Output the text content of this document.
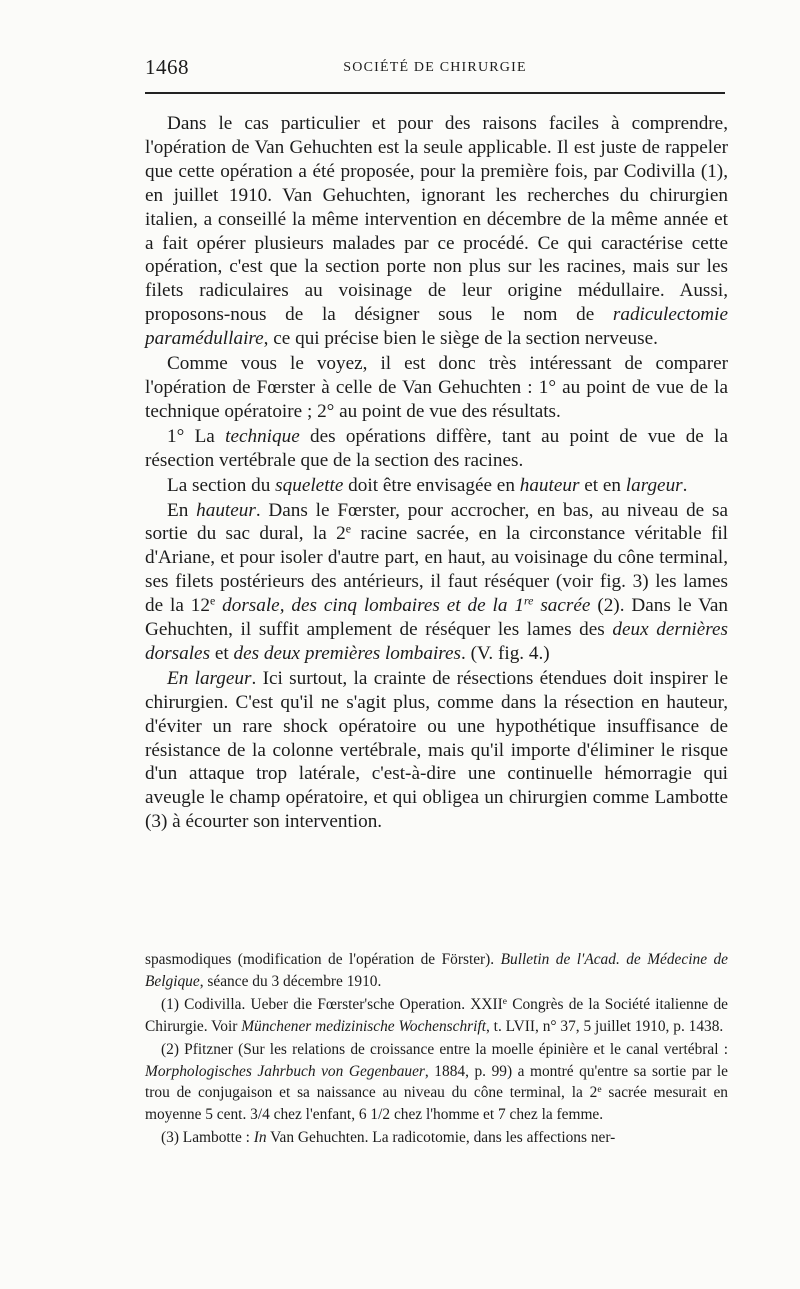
1468	SOCIÉTÉ DE CHIRURGIE

Dans le cas particulier et pour des raisons faciles à comprendre, l'opération de Van Gehuchten est la seule applicable. Il est juste de rappeler que cette opération a été proposée, pour la première fois, par Codivilla (1), en juillet 1910. Van Gehuchten, ignorant les recherches du chirurgien italien, a conseillé la même intervention en décembre de la même année et a fait opérer plusieurs malades par ce procédé. Ce qui caractérise cette opération, c'est que la section porte non plus sur les racines, mais sur les filets radiculaires au voisinage de leur origine médullaire. Aussi, proposons-nous de la désigner sous le nom de radiculectomie paramédullaire, ce qui précise bien le siège de la section nerveuse.

Comme vous le voyez, il est donc très intéressant de comparer l'opération de Fœrster à celle de Van Gehuchten : 1° au point de vue de la technique opératoire ; 2° au point de vue des résultats.

1° La technique des opérations diffère, tant au point de vue de la résection vertébrale que de la section des racines.

La section du squelette doit être envisagée en hauteur et en largeur.

En hauteur. Dans le Fœrster, pour accrocher, en bas, au niveau de sa sortie du sac dural, la 2e racine sacrée, en la circonstance véritable fil d'Ariane, et pour isoler d'autre part, en haut, au voisinage du cône terminal, ses filets postérieurs des antérieurs, il faut réséquer (voir fig. 3) les lames de la 12e dorsale, des cinq lombaires et de la 1re sacrée (2). Dans le Van Gehuchten, il suffit amplement de réséquer les lames des deux dernières dorsales et des deux premières lombaires. (V. fig. 4.)

En largeur. Ici surtout, la crainte de résections étendues doit inspirer le chirurgien. C'est qu'il ne s'agit plus, comme dans la résection en hauteur, d'éviter un rare shock opératoire ou une hypothétique insuffisance de résistance de la colonne vertébrale, mais qu'il importe d'éliminer le risque d'un attaque trop latérale, c'est-à-dire une continuelle hémorragie qui aveugle le champ opératoire, et qui obligea un chirurgien comme Lambotte (3) à écourter son intervention.

spasmodiques (modification de l'opération de Förster). Bulletin de l'Acad. de Médecine de Belgique, séance du 3 décembre 1910.

(1) Codivilla. Ueber die Fœrster'sche Operation. XXIIe Congrès de la Société italienne de Chirurgie. Voir Münchener medizinische Wochenschrift, t. LVII, n° 37, 5 juillet 1910, p. 1438.

(2) Pfitzner (Sur les relations de croissance entre la moelle épinière et le canal vertébral : Morphologisches Jahrbuch von Gegenbauer, 1884, p. 99) a montré qu'entre sa sortie par le trou de conjugaison et sa naissance au niveau du cône terminal, la 2e sacrée mesurait en moyenne 5 cent. 3/4 chez l'enfant, 6 1/2 chez l'homme et 7 chez la femme.

(3) Lambotte : In Van Gehuchten. La radicotomie, dans les affections ner-
